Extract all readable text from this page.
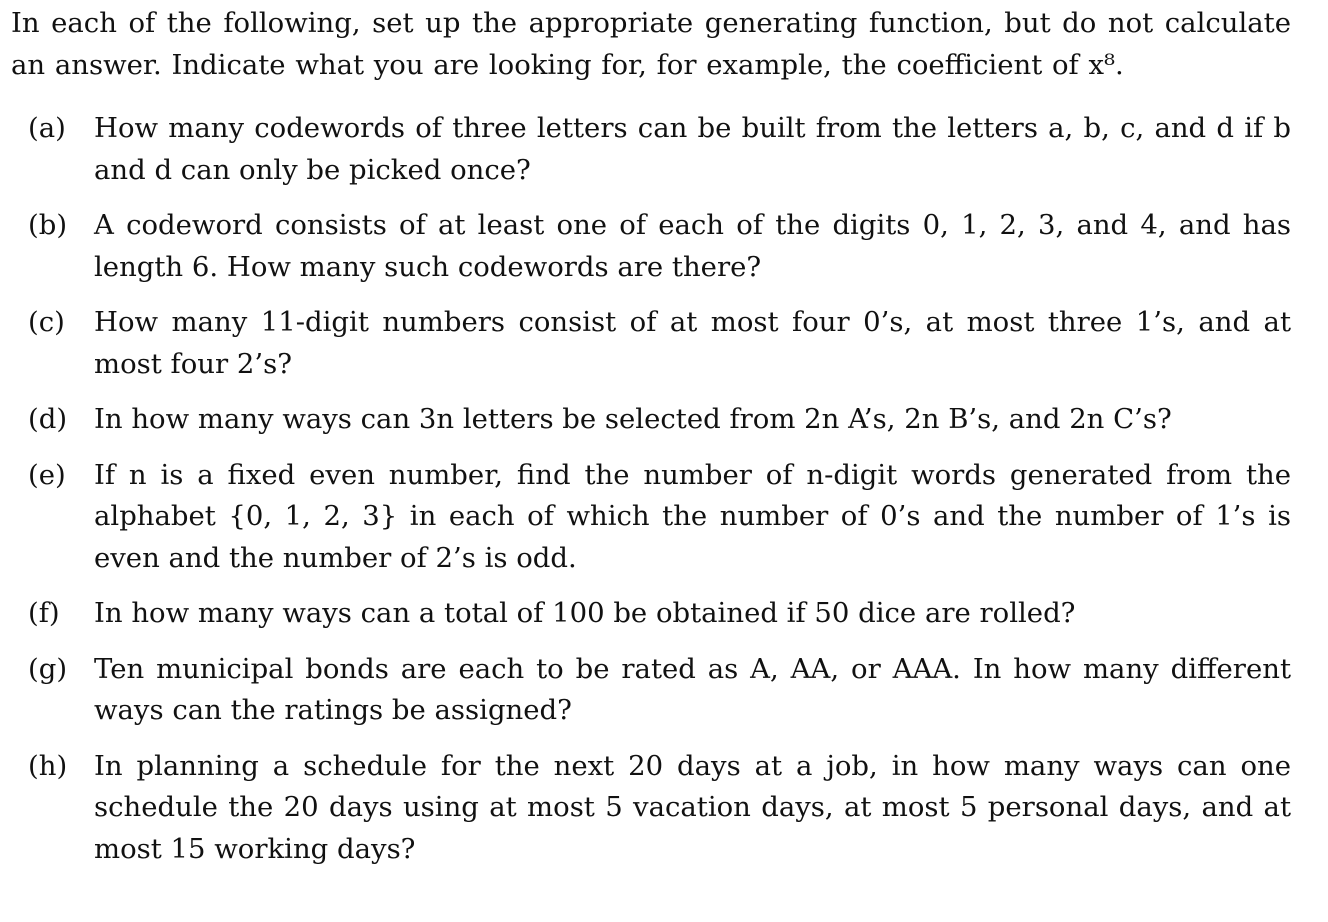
In each of the following, set up the appropriate generating function, but do not calculate an answer. Indicate what you are looking for, for example, the coefficient of x⁸.

(a) How many codewords of three letters can be built from the letters a, b, c, and d if b and d can only be picked once?
(b) A codeword consists of at least one of each of the digits 0, 1, 2, 3, and 4, and has length 6. How many such codewords are there?
(c) How many 11-digit numbers consist of at most four 0’s, at most three 1’s, and at most four 2’s?
(d) In how many ways can 3n letters be selected from 2n A’s, 2n B’s, and 2n C’s?
(e) If n is a fixed even number, find the number of n-digit words generated from the alphabet {0, 1, 2, 3} in each of which the number of 0’s and the number of 1’s is even and the number of 2’s is odd.
(f) In how many ways can a total of 100 be obtained if 50 dice are rolled?
(g) Ten municipal bonds are each to be rated as A, AA, or AAA. In how many different ways can the ratings be assigned?
(h) In planning a schedule for the next 20 days at a job, in how many ways can one schedule the 20 days using at most 5 vacation days, at most 5 personal days, and at most 15 working days?
